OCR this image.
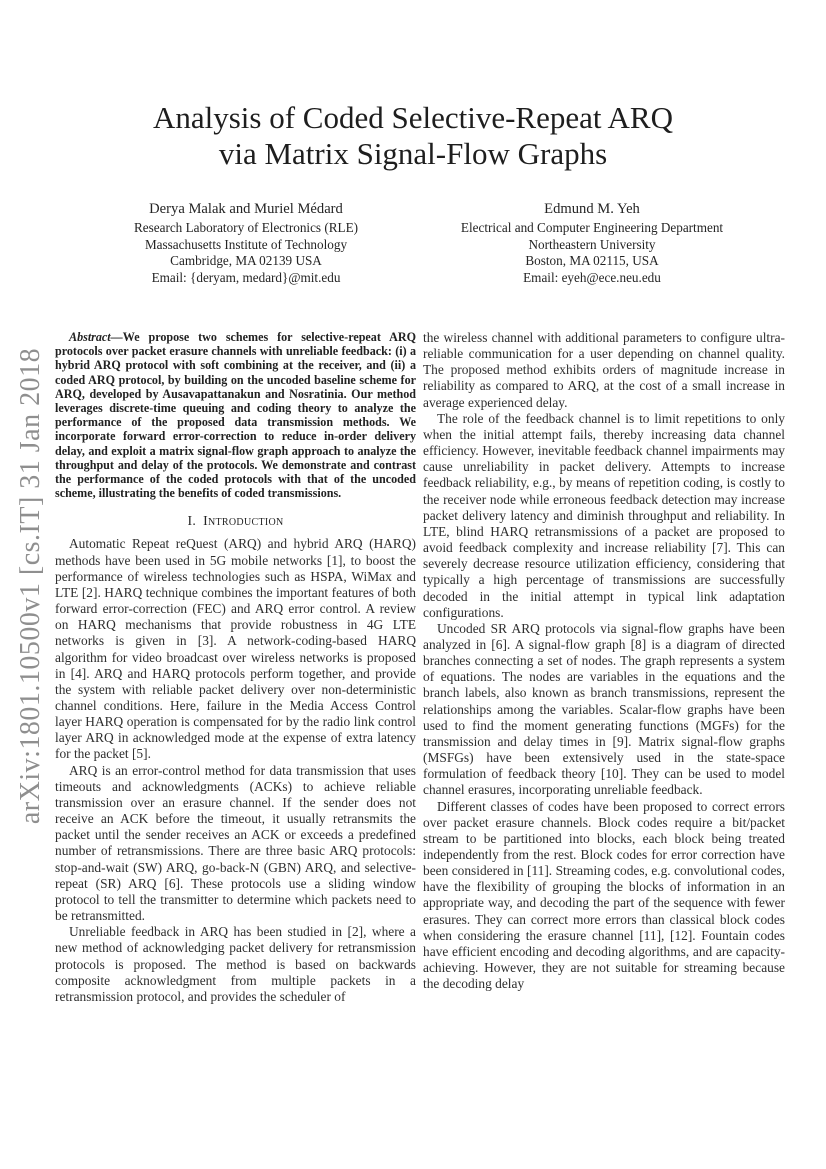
arXiv:1801.10500v1 [cs.IT] 31 Jan 2018
Analysis of Coded Selective-Repeat ARQ
via Matrix Signal-Flow Graphs
Derya Malak and Muriel Médard
Research Laboratory of Electronics (RLE)
Massachusetts Institute of Technology
Cambridge, MA 02139 USA
Email: {deryam, medard}@mit.edu
Edmund M. Yeh
Electrical and Computer Engineering Department
Northeastern University
Boston, MA 02115, USA
Email: eyeh@ece.neu.edu

Abstract—We propose two schemes for selective-repeat ARQ protocols over packet erasure channels with unreliable feedback: (i) a hybrid ARQ protocol with soft combining at the receiver, and (ii) a coded ARQ protocol, by building on the uncoded baseline scheme for ARQ, developed by Ausavapattanakun and Nosratinia. Our method leverages discrete-time queuing and coding theory to analyze the performance of the proposed data transmission methods. We incorporate forward error-correction to reduce in-order delivery delay, and exploit a matrix signal-flow graph approach to analyze the throughput and delay of the protocols. We demonstrate and contrast the performance of the coded protocols with that of the uncoded scheme, illustrating the benefits of coded transmissions.

I. Introduction

Automatic Repeat reQuest (ARQ) and hybrid ARQ (HARQ) methods have been used in 5G mobile networks [1], to boost the performance of wireless technologies such as HSPA, WiMax and LTE [2]. HARQ technique combines the important features of both forward error-correction (FEC) and ARQ error control. A review on HARQ mechanisms that provide robustness in 4G LTE networks is given in [3]. A network-coding-based HARQ algorithm for video broadcast over wireless networks is proposed in [4]. ARQ and HARQ protocols perform together, and provide the system with reliable packet delivery over non-deterministic channel conditions. Here, failure in the Media Access Control layer HARQ operation is compensated for by the radio link control layer ARQ in acknowledged mode at the expense of extra latency for the packet [5].

ARQ is an error-control method for data transmission that uses timeouts and acknowledgments (ACKs) to achieve reliable transmission over an erasure channel. If the sender does not receive an ACK before the timeout, it usually retransmits the packet until the sender receives an ACK or exceeds a predefined number of retransmissions. There are three basic ARQ protocols: stop-and-wait (SW) ARQ, go-back-N (GBN) ARQ, and selective-repeat (SR) ARQ [6]. These protocols use a sliding window protocol to tell the transmitter to determine which packets need to be retransmitted.

Unreliable feedback in ARQ has been studied in [2], where a new method of acknowledging packet delivery for retransmission protocols is proposed. The method is based on backwards composite acknowledgment from multiple packets in a retransmission protocol, and provides the scheduler of

the wireless channel with additional parameters to configure ultra-reliable communication for a user depending on channel quality. The proposed method exhibits orders of magnitude increase in reliability as compared to ARQ, at the cost of a small increase in average experienced delay.

The role of the feedback channel is to limit repetitions to only when the initial attempt fails, thereby increasing data channel efficiency. However, inevitable feedback channel impairments may cause unreliability in packet delivery. Attempts to increase feedback reliability, e.g., by means of repetition coding, is costly to the receiver node while erroneous feedback detection may increase packet delivery latency and diminish throughput and reliability. In LTE, blind HARQ retransmissions of a packet are proposed to avoid feedback complexity and increase reliability [7]. This can severely decrease resource utilization efficiency, considering that typically a high percentage of transmissions are successfully decoded in the initial attempt in typical link adaptation configurations.

Uncoded SR ARQ protocols via signal-flow graphs have been analyzed in [6]. A signal-flow graph [8] is a diagram of directed branches connecting a set of nodes. The graph represents a system of equations. The nodes are variables in the equations and the branch labels, also known as branch transmissions, represent the relationships among the variables. Scalar-flow graphs have been used to find the moment generating functions (MGFs) for the transmission and delay times in [9]. Matrix signal-flow graphs (MSFGs) have been extensively used in the state-space formulation of feedback theory [10]. They can be used to model channel erasures, incorporating unreliable feedback.

Different classes of codes have been proposed to correct errors over packet erasure channels. Block codes require a bit/packet stream to be partitioned into blocks, each block being treated independently from the rest. Block codes for error correction have been considered in [11]. Streaming codes, e.g. convolutional codes, have the flexibility of grouping the blocks of information in an appropriate way, and decoding the part of the sequence with fewer erasures. They can correct more errors than classical block codes when considering the erasure channel [11], [12]. Fountain codes have efficient encoding and decoding algorithms, and are capacity-achieving. However, they are not suitable for streaming because the decoding delay
